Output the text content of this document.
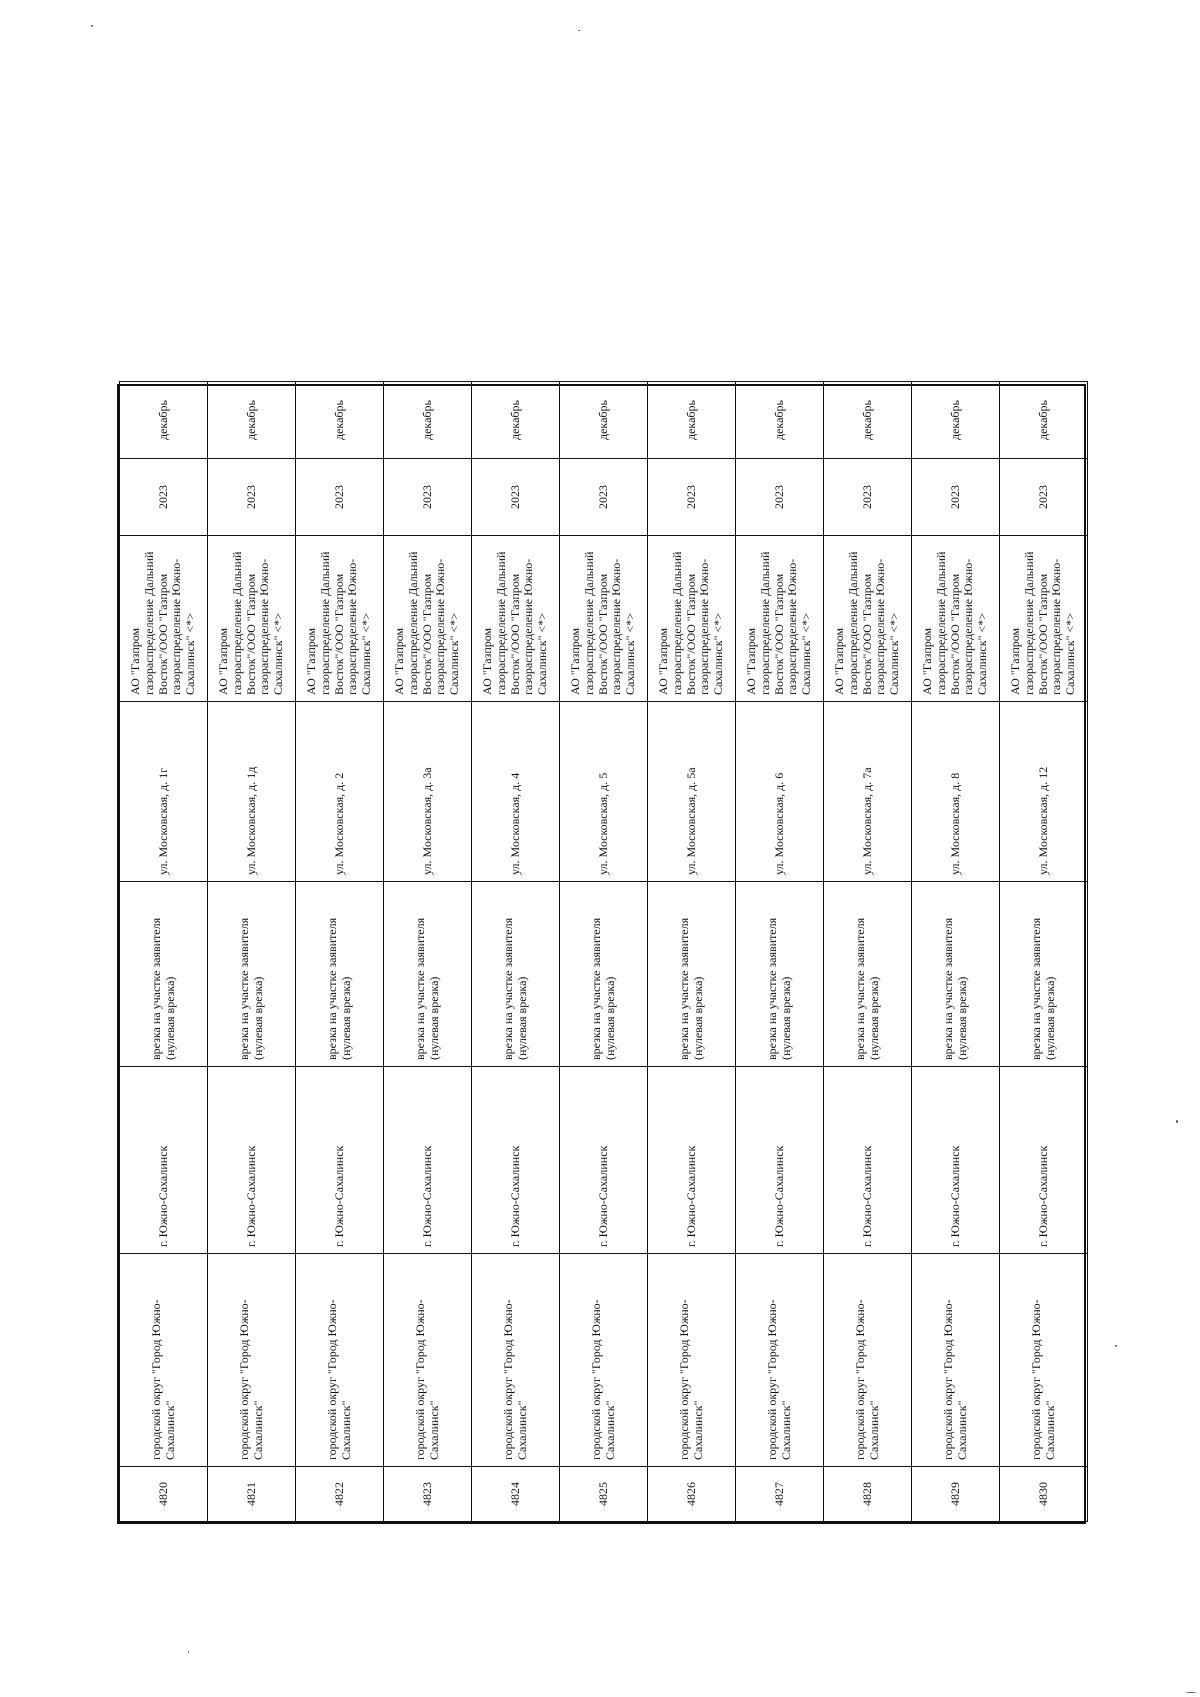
4820	городской округ "Город Южно-Сахалинск"	г. Южно-Сахалинск	врезка на участке заявителя (нулевая врезка)	ул. Московская, д. 1г	АО "Газпром газораспределение Дальний Восток"/ООО "Газпром газораспределение Южно-Сахалинск" <*>	2023	декабрь
4821	городской округ "Город Южно-Сахалинск"	г. Южно-Сахалинск	врезка на участке заявителя (нулевая врезка)	ул. Московская, д. 1д	АО "Газпром газораспределение Дальний Восток"/ООО "Газпром газораспределение Южно-Сахалинск" <*>	2023	декабрь
4822	городской округ "Город Южно-Сахалинск"	г. Южно-Сахалинск	врезка на участке заявителя (нулевая врезка)	ул. Московская, д. 2	АО "Газпром газораспределение Дальний Восток"/ООО "Газпром газораспределение Южно-Сахалинск" <*>	2023	декабрь
4823	городской округ "Город Южно-Сахалинск"	г. Южно-Сахалинск	врезка на участке заявителя (нулевая врезка)	ул. Московская, д. 3а	АО "Газпром газораспределение Дальний Восток"/ООО "Газпром газораспределение Южно-Сахалинск" <*>	2023	декабрь
4824	городской округ "Город Южно-Сахалинск"	г. Южно-Сахалинск	врезка на участке заявителя (нулевая врезка)	ул. Московская, д. 4	АО "Газпром газораспределение Дальний Восток"/ООО "Газпром газораспределение Южно-Сахалинск" <*>	2023	декабрь
4825	городской округ "Город Южно-Сахалинск"	г. Южно-Сахалинск	врезка на участке заявителя (нулевая врезка)	ул. Московская, д. 5	АО "Газпром газораспределение Дальний Восток"/ООО "Газпром газораспределение Южно-Сахалинск" <*>	2023	декабрь
4826	городской округ "Город Южно-Сахалинск"	г. Южно-Сахалинск	врезка на участке заявителя (нулевая врезка)	ул. Московская, д. 5а	АО "Газпром газораспределение Дальний Восток"/ООО "Газпром газораспределение Южно-Сахалинск" <*>	2023	декабрь
4827	городской округ "Город Южно-Сахалинск"	г. Южно-Сахалинск	врезка на участке заявителя (нулевая врезка)	ул. Московская, д. 6	АО "Газпром газораспределение Дальний Восток"/ООО "Газпром газораспределение Южно-Сахалинск" <*>	2023	декабрь
4828	городской округ "Город Южно-Сахалинск"	г. Южно-Сахалинск	врезка на участке заявителя (нулевая врезка)	ул. Московская, д. 7а	АО "Газпром газораспределение Дальний Восток"/ООО "Газпром газораспределение Южно-Сахалинск" <*>	2023	декабрь
4829	городской округ "Город Южно-Сахалинск"	г. Южно-Сахалинск	врезка на участке заявителя (нулевая врезка)	ул. Московская, д. 8	АО "Газпром газораспределение Дальний Восток"/ООО "Газпром газораспределение Южно-Сахалинск" <*>	2023	декабрь
4830	городской округ "Город Южно-Сахалинск"	г. Южно-Сахалинск	врезка на участке заявителя (нулевая врезка)	ул. Московская, д. 12	АО "Газпром газораспределение Дальний Восток"/ООО "Газпром газораспределение Южно-Сахалинск" <*>	2023	декабрь
